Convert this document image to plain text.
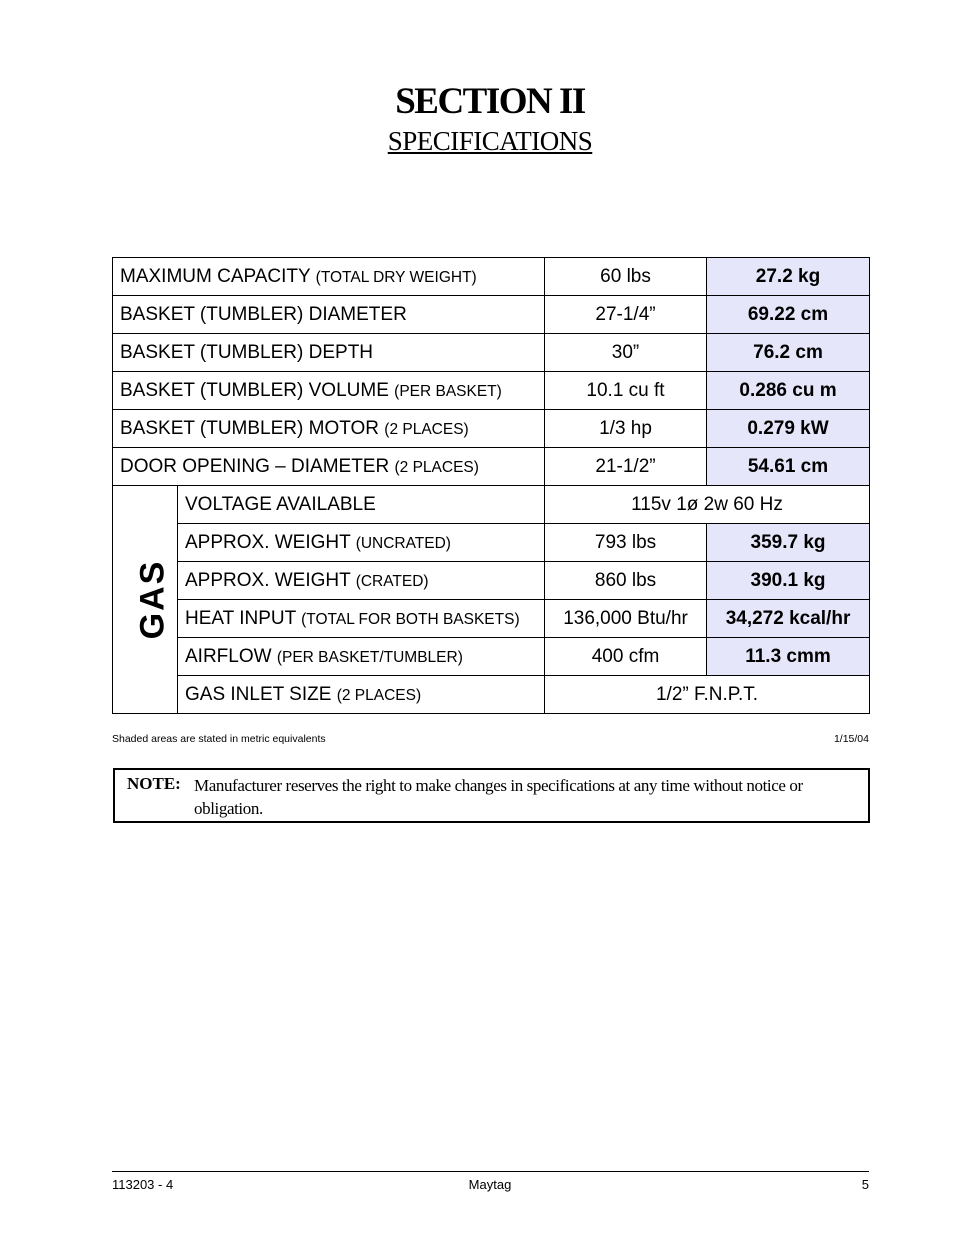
SECTION II
SPECIFICATIONS
MAXIMUM CAPACITY (TOTAL DRY WEIGHT)		60 lbs	27.2 kg
BASKET (TUMBLER) DIAMETER		27-1/4”	69.22 cm
BASKET (TUMBLER) DEPTH		30”	76.2 cm
BASKET (TUMBLER) VOLUME (PER BASKET)		10.1 cu ft	0.286 cu m
BASKET (TUMBLER) MOTOR (2 PLACES)		1/3 hp	0.279 kW
DOOR OPENING – DIAMETER (2 PLACES)		21-1/2”	54.61 cm
GAS	VOLTAGE AVAILABLE	115v 1ø 2w 60 Hz	
	APPROX. WEIGHT (UNCRATED)	793 lbs	359.7 kg
	APPROX. WEIGHT (CRATED)	860 lbs	390.1 kg
	HEAT INPUT (TOTAL FOR BOTH BASKETS)	136,000 Btu/hr	34,272 kcal/hr
	AIRFLOW (PER BASKET/TUMBLER)	400 cfm	11.3 cmm
	GAS INLET SIZE (2 PLACES)	1/2” F.N.P.T.	
Shaded areas are stated in metric equivalents	1/15/04
NOTE: Manufacturer reserves the right to make changes in specifications at any time without notice or obligation.
113203 - 4	Maytag	5
